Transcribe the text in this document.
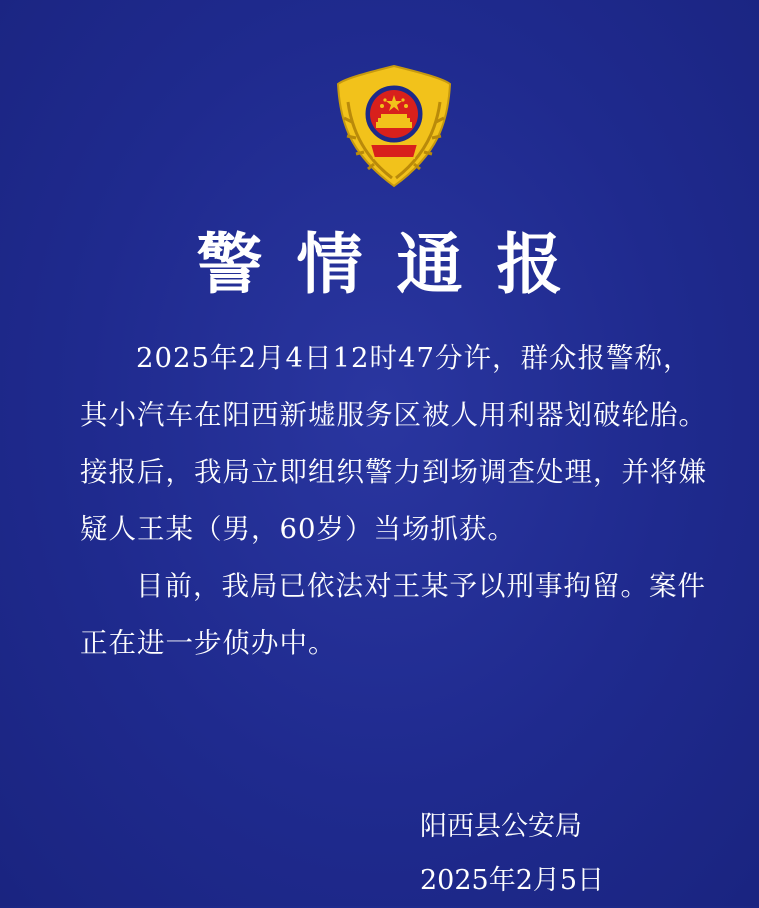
警情通报

2025年2月4日12时47分许，群众报警称，其小汽车在阳西新墟服务区被人用利器划破轮胎。接报后，我局立即组织警力到场调查处理，并将嫌疑人王某（男，60岁）当场抓获。

目前，我局已依法对王某予以刑事拘留。案件正在进一步侦办中。

阳西县公安局
2025年2月5日
